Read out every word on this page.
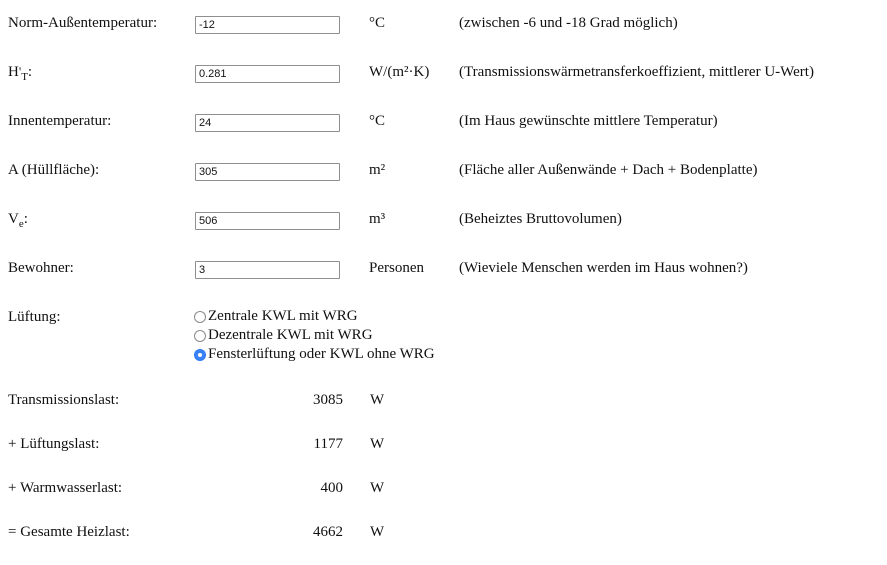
Norm-Außentemperatur:
-12	°C	(zwischen -6 und -18 Grad möglich)
$H'_T$:
0.281	W/(m²·K) (Transmissionswärmetransferkoeffizient, mittlerer U-Wert)
Innentemperatur:
24	°C	(Im Haus gewünschte mittlere Temperatur)
A (Hüllfläche):
305	m²	(Fläche aller Außenwände + Dach + Bodenplatte)
$V_e$:
506	m³	(Beheiztes Bruttovolumen)
Bewohner:
3	Personen (Wieviele Menschen werden im Haus wohnen?)
Lüftung:	Zentrale KWL mit WRG
Dezentrale KWL mit WRG
Fensterlüftung oder KWL ohne WRG
Transmissionslast:	3085 W
+ Lüftungslast:	1177 W
+ Warmwasserlast:	400 W
= Gesamte Heizlast:	4662 W
